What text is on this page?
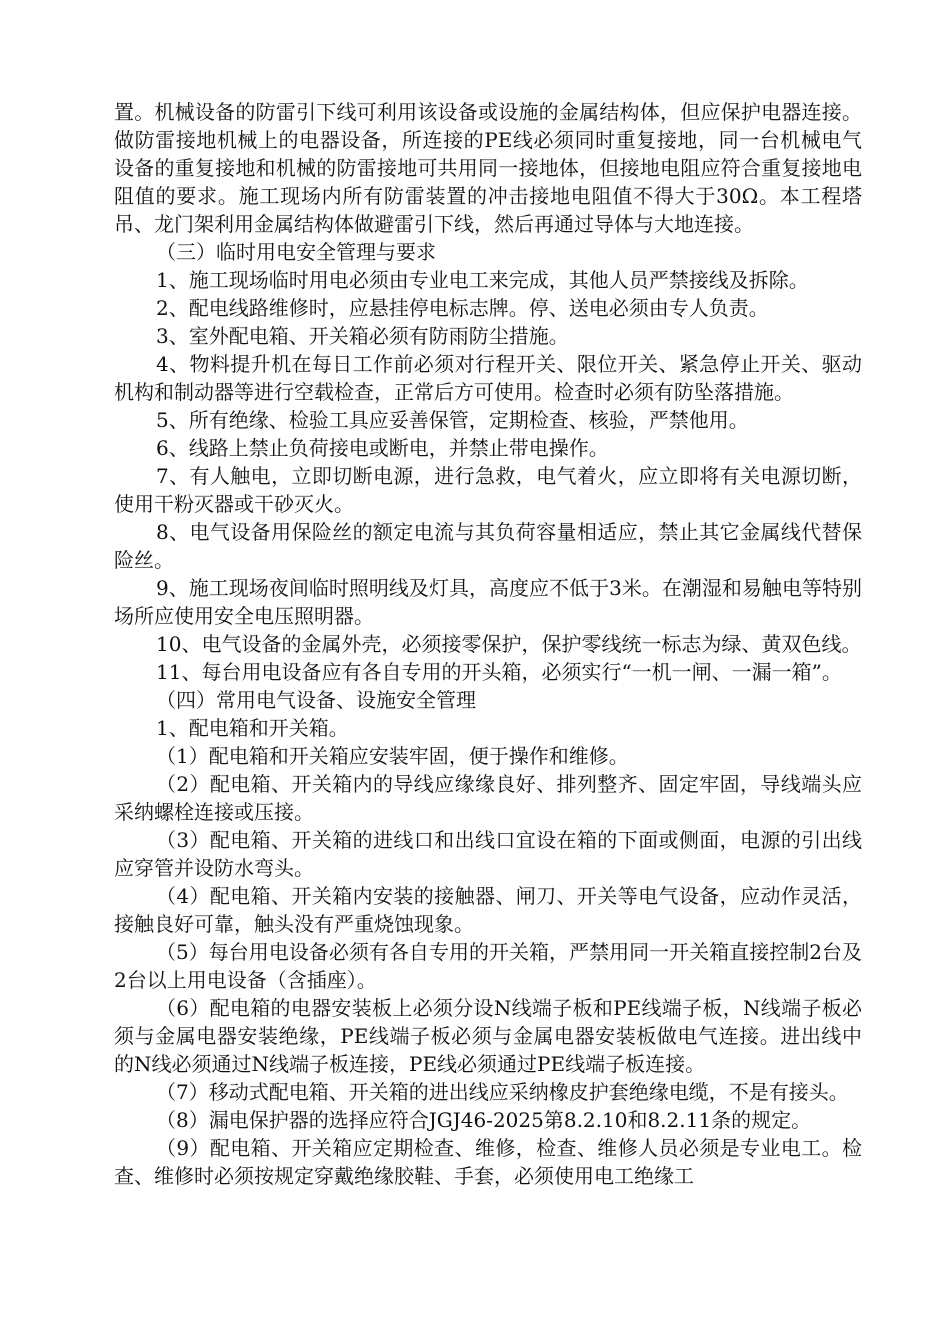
置。机械设备的防雷引下线可利用该设备或设施的金属结构体，但应保护电器连接。做防雷接地机械上的电器设备，所连接的PE线必须同时重复接地，同一台机械电气设备的重复接地和机械的防雷接地可共用同一接地体，但接地电阻应符合重复接地电阻值的要求。施工现场内所有防雷装置的冲击接地电阻值不得大于30Ω。本工程塔吊、龙门架利用金属结构体做避雷引下线，然后再通过导体与大地连接。

（三）临时用电安全管理与要求

1、施工现场临时用电必须由专业电工来完成，其他人员严禁接线及拆除。

2、配电线路维修时，应悬挂停电标志牌。停、送电必须由专人负责。

3、室外配电箱、开关箱必须有防雨防尘措施。

4、物料提升机在每日工作前必须对行程开关、限位开关、紧急停止开关、驱动机构和制动器等进行空载检查，正常后方可使用。检查时必须有防坠落措施。

5、所有绝缘、检验工具应妥善保管，定期检查、核验，严禁他用。

6、线路上禁止负荷接电或断电，并禁止带电操作。

7、有人触电，立即切断电源，进行急救，电气着火，应立即将有关电源切断，使用干粉灭器或干砂灭火。

8、电气设备用保险丝的额定电流与其负荷容量相适应，禁止其它金属线代替保险丝。

9、施工现场夜间临时照明线及灯具，高度应不低于3米。在潮湿和易触电等特别场所应使用安全电压照明器。

10、电气设备的金属外壳，必须接零保护，保护零线统一标志为绿、黄双色线。

11、每台用电设备应有各自专用的开头箱，必须实行“一机一闸、一漏一箱”。

（四）常用电气设备、设施安全管理

1、配电箱和开关箱。

（1）配电箱和开关箱应安装牢固，便于操作和维修。

（2）配电箱、开关箱内的导线应缘缘良好、排列整齐、固定牢固，导线端头应采纳螺栓连接或压接。

（3）配电箱、开关箱的进线口和出线口宜设在箱的下面或侧面，电源的引出线应穿管并设防水弯头。

（4）配电箱、开关箱内安装的接触器、闸刀、开关等电气设备，应动作灵活，接触良好可靠，触头没有严重烧蚀现象。

（5）每台用电设备必须有各自专用的开关箱，严禁用同一开关箱直接控制2台及2台以上用电设备（含插座）。

（6）配电箱的电器安装板上必须分设N线端子板和PE线端子板，N线端子板必须与金属电器安装绝缘，PE线端子板必须与金属电器安装板做电气连接。进出线中的N线必须通过N线端子板连接，PE线必须通过PE线端子板连接。

（7）移动式配电箱、开关箱的进出线应采纳橡皮护套绝缘电缆，不是有接头。

（8）漏电保护器的选择应符合JGJ46-2025第8.2.10和8.2.11条的规定。

（9）配电箱、开关箱应定期检查、维修，检查、维修人员必须是专业电工。检查、维修时必须按规定穿戴绝缘胶鞋、手套，必须使用电工绝缘工
